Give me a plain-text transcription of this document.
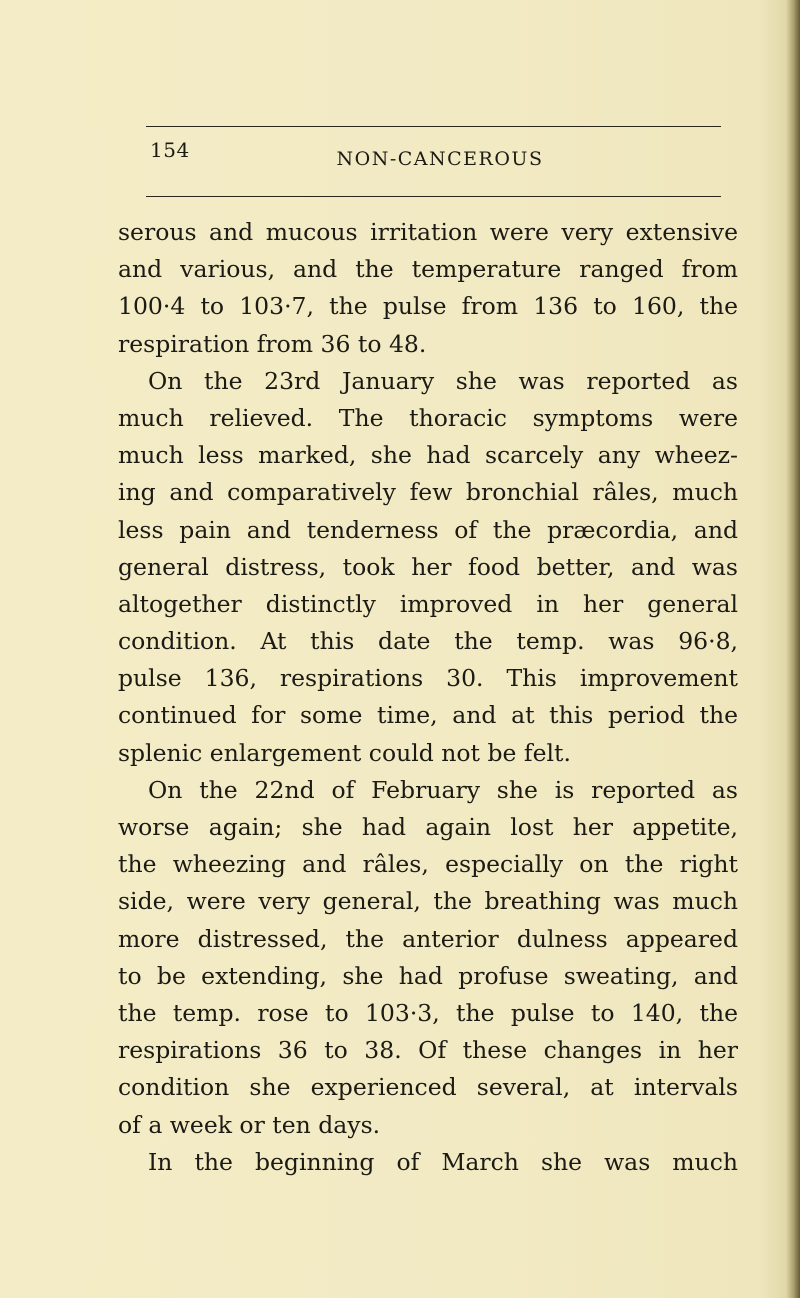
154	NON-CANCEROUS
serous and mucous irritation were very extensive
and various, and the temperature ranged from
100·4 to 103·7, the pulse from 136 to 160, the
respiration from 36 to 48.
On the 23rd January she was reported as
much relieved. The thoracic symptoms were
much less marked, she had scarcely any wheez-
ing and comparatively few bronchial râles, much
less pain and tenderness of the præcordia, and
general distress, took her food better, and was
altogether distinctly improved in her general
condition. At this date the temp. was 96·8,
pulse 136, respirations 30. This improvement
continued for some time, and at this period the
splenic enlargement could not be felt.
On the 22nd of February she is reported as
worse again; she had again lost her appetite,
the wheezing and râles, especially on the right
side, were very general, the breathing was much
more distressed, the anterior dulness appeared
to be extending, she had profuse sweating, and
the temp. rose to 103·3, the pulse to 140, the
respirations 36 to 38. Of these changes in her
condition she experienced several, at intervals
of a week or ten days.
In the beginning of March she was much
